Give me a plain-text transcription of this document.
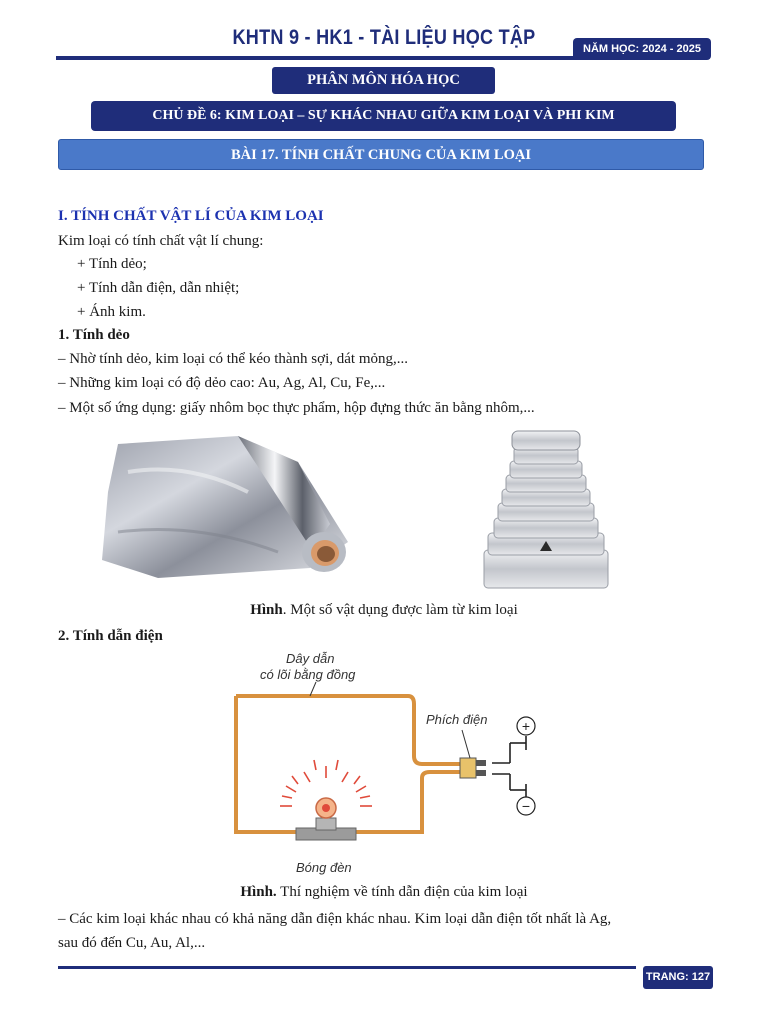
KHTN 9 - HK1 - TÀI LIỆU HỌC TẬP	NĂM HỌC: 2024 - 2025
PHÂN MÔN HÓA HỌC
CHỦ ĐỀ 6: KIM LOẠI – SỰ KHÁC NHAU GIỮA KIM LOẠI VÀ PHI KIM
BÀI 17. TÍNH CHẤT CHUNG CỦA KIM LOẠI
I. TÍNH CHẤT VẬT LÍ CỦA KIM LOẠI
Kim loại có tính chất vật lí chung:
+ Tính dẻo;
+ Tính dẫn điện, dẫn nhiệt;
+ Ánh kim.
1. Tính dẻo
– Nhờ tính dẻo, kim loại có thể kéo thành sợi, dát mỏng,...
– Những kim loại có độ dẻo cao: Au, Ag, Al, Cu, Fe,...
– Một số ứng dụng: giấy nhôm bọc thực phẩm, hộp đựng thức ăn bằng nhôm,...
Hình. Một số vật dụng được làm từ kim loại
2. Tính dẫn điện
+
−
Dây dẫn
có lõi bằng đồng
Phích điện
Bóng đèn
Hình. Thí nghiệm về tính dẫn điện của kim loại
– Các kim loại khác nhau có khả năng dẫn điện khác nhau. Kim loại dẫn điện tốt nhất là Ag,
sau đó đến Cu, Au, Al,...
TRANG: 127
